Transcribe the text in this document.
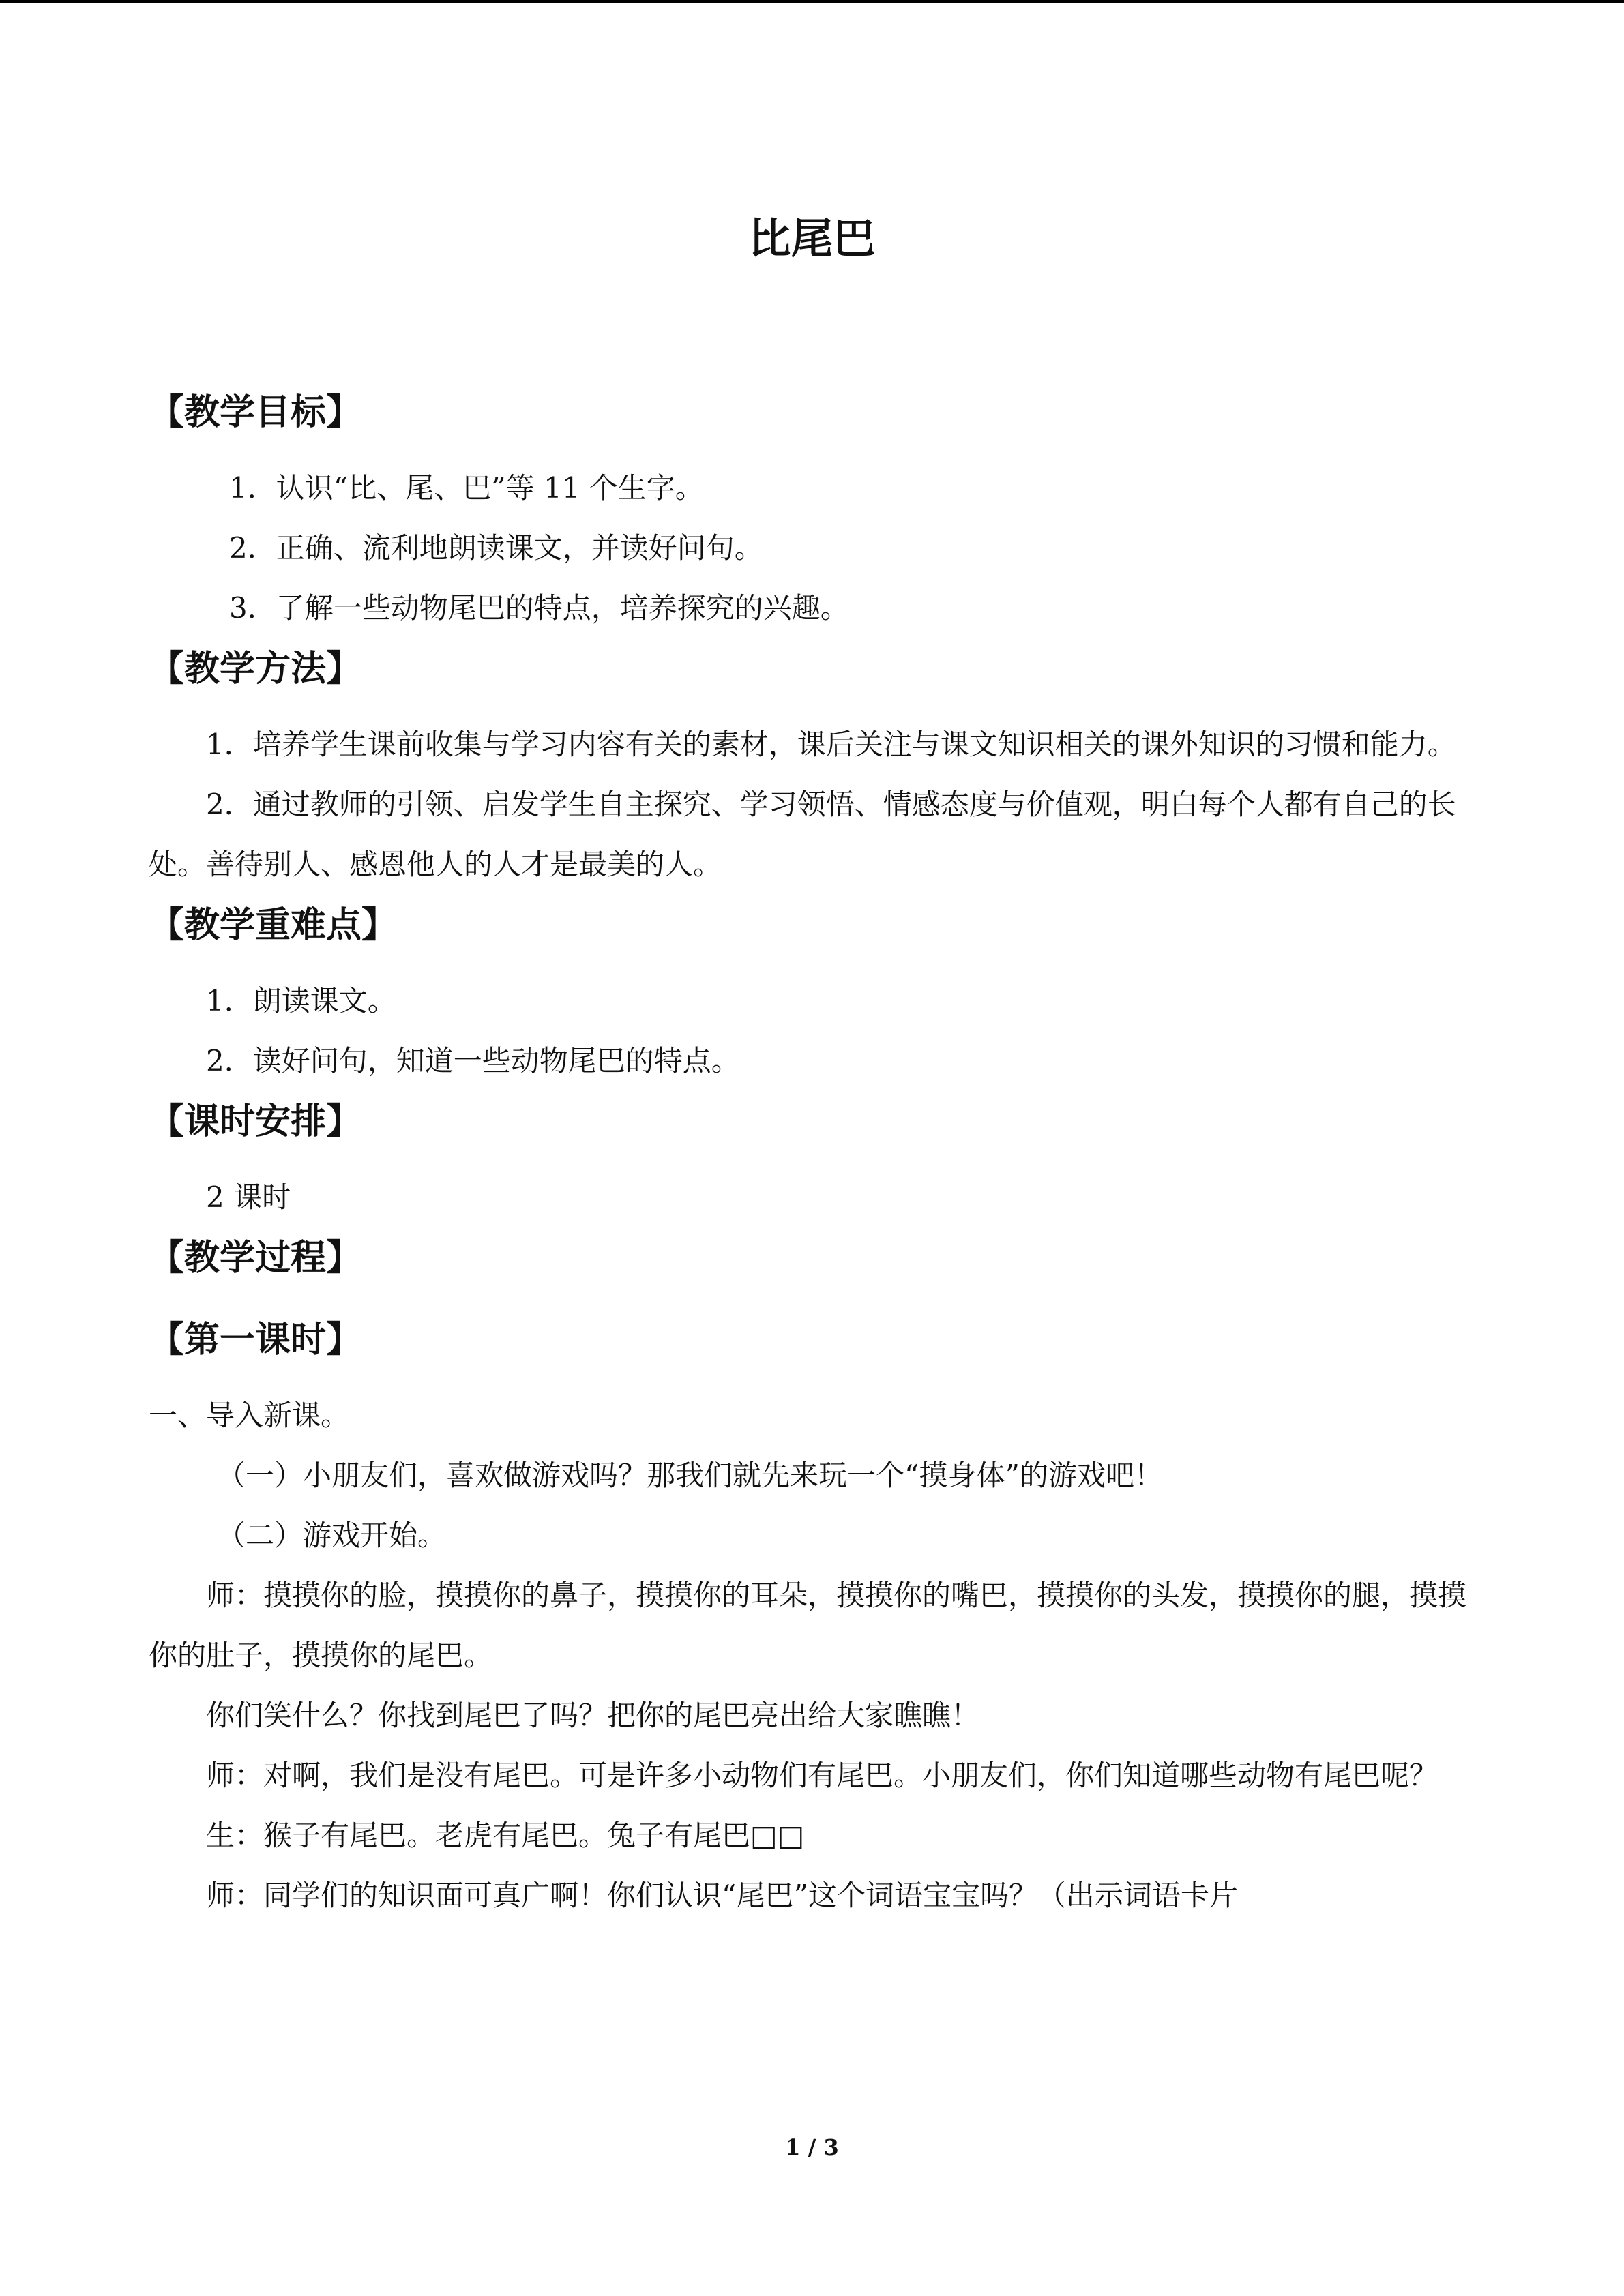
比尾巴

【教学目标】

1．认识“比、尾、巴”等 11 个生字。

2．正确、流利地朗读课文，并读好问句。

3．了解一些动物尾巴的特点，培养探究的兴趣。

【教学方法】

1．培养学生课前收集与学习内容有关的素材，课后关注与课文知识相关的课外知识的习惯和能力。

2．通过教师的引领、启发学生自主探究、学习领悟、情感态度与价值观，明白每个人都有自己的长处。善待别人、感恩他人的人才是最美的人。

【教学重难点】

1．朗读课文。

2．读好问句，知道一些动物尾巴的特点。

【课时安排】

2 课时

【教学过程】

【第一课时】

一、导入新课。

（一）小朋友们，喜欢做游戏吗？那我们就先来玩一个“摸身体”的游戏吧！

（二）游戏开始。

师：摸摸你的脸，摸摸你的鼻子，摸摸你的耳朵，摸摸你的嘴巴，摸摸你的头发，摸摸你的腿，摸摸你的肚子，摸摸你的尾巴。

你们笑什么？你找到尾巴了吗？把你的尾巴亮出给大家瞧瞧！

师：对啊，我们是没有尾巴。可是许多小动物们有尾巴。小朋友们，你们知道哪些动物有尾巴呢？

生：猴子有尾巴。老虎有尾巴。兔子有尾巴□□

师：同学们的知识面可真广啊！你们认识“尾巴”这个词语宝宝吗？（出示词语卡片

1 / 3
